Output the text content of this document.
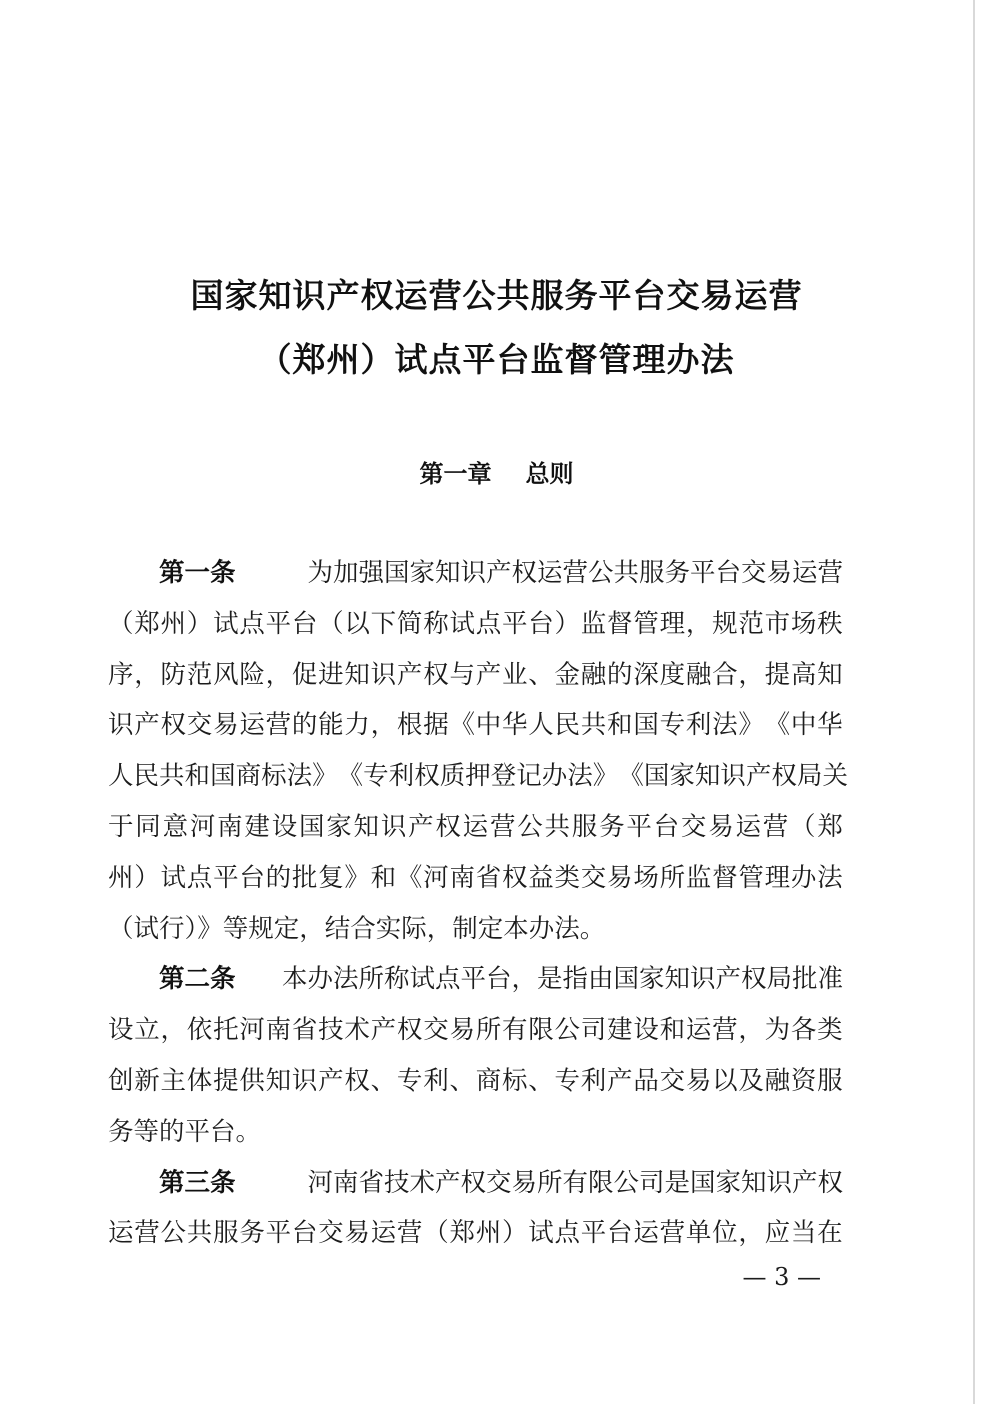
国家知识产权运营公共服务平台交易运营
（郑州）试点平台监督管理办法
第一章 总则
第一条	为加强国家知识产权运营公共服务平台交易运营
（ 郑 州 ） 试 点 平 台 （ 以 下 简 称 试 点 平 台 ） 监 督 管 理 ， 规 范 市 场 秩
序 ， 防 范 风 险 ， 促 进 知 识 产 权 与 产 业 、 金 融 的 深 度 融 合 ， 提 高 知
识 产 权 交 易 运 营 的 能 力 ， 根 据 《 中 华 人 民 共 和 国 专 利 法 》 《 中 华
人 民 共 和 国 商 标 法 》 《 专 利 权 质 押 登 记 办 法 》 《 国 家 知 识 产 权 局 关
于 同 意 河 南 建 设 国 家 知 识 产 权 运 营 公 共 服 务 平 台 交 易 运 营 （ 郑
州 ） 试 点 平 台 的 批 复 》 和 《 河 南 省 权 益 类 交 易 场 所 监 督 管 理 办 法
（试行）》等规定，结合实际，制定本办法。
第二条 本办法所称试点平台，是指由国家知识产权局批准
设 立 ， 依 托 河 南 省 技 术 产 权 交 易 所 有 限 公 司 建 设 和 运 营 ， 为 各 类
创 新 主 体 提 供 知 识 产 权 、 专 利 、 商 标 、 专 利 产 品 交 易 以 及 融 资 服
务等的平台。
第三条	河南省技术产权交易所有限公司是国家知识产权
运 营 公 共 服 务 平 台 交 易 运 营 （ 郑 州 ） 试 点 平 台 运 营 单 位 ， 应 当 在
— 3 —
